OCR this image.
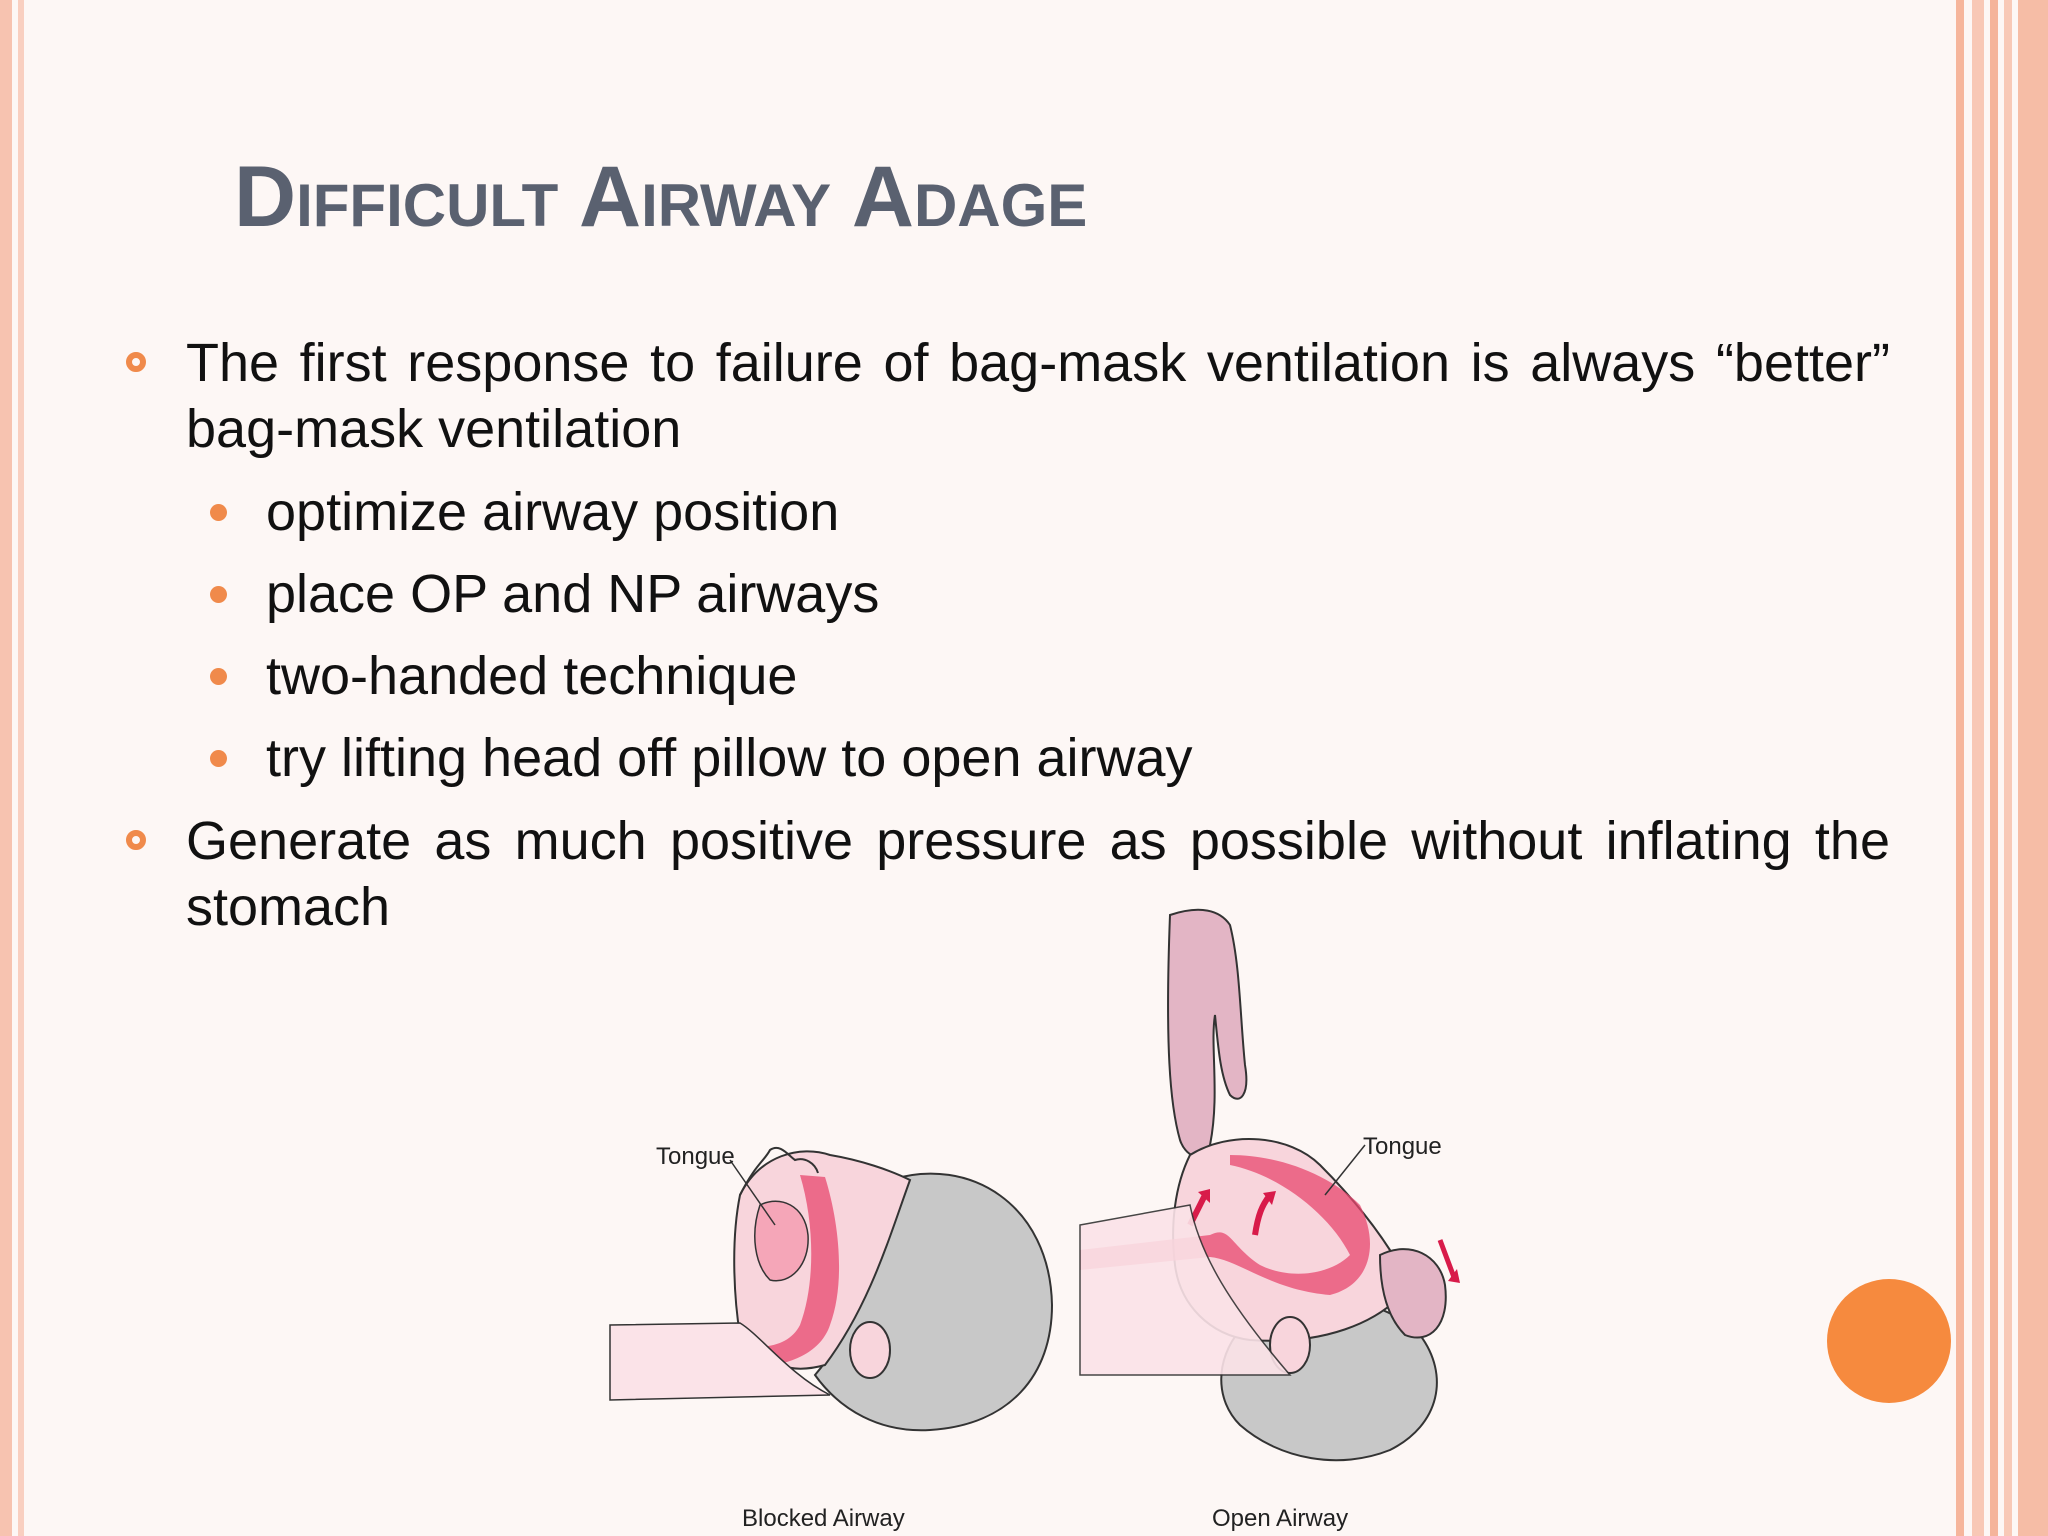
Difficult Airway Adage

The first response to failure of bag-mask ventilation is always “better” bag-mask ventilation

optimize airway position
place OP and NP airways
two-handed technique
try lifting head off pillow to open airway

Generate as much positive pressure as possible without inflating the stomach

Tongue	Tongue
Blocked Airway	Open Airway
